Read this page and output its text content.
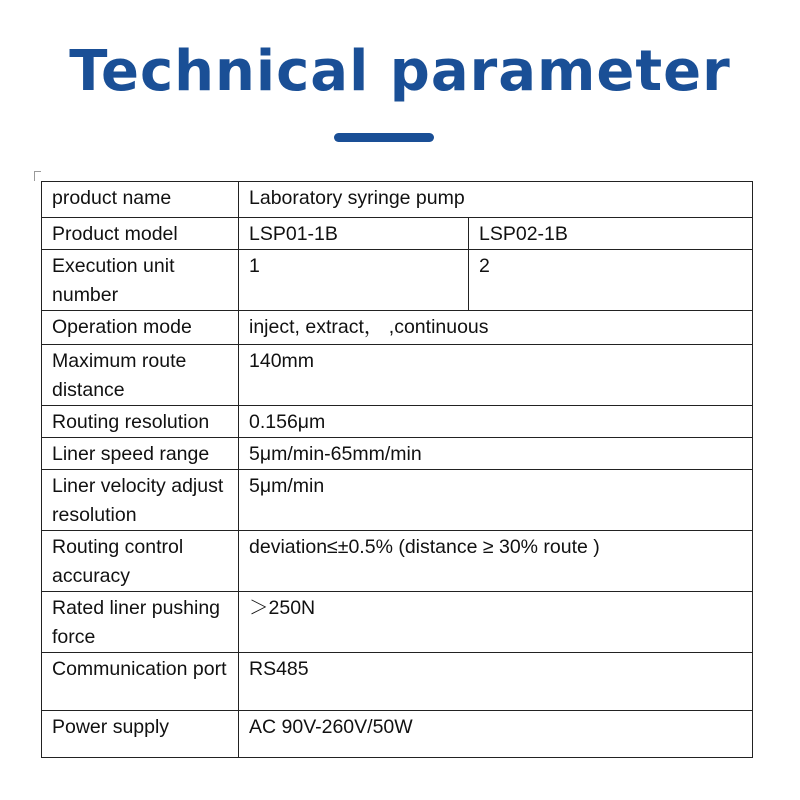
Technical parameter
product name	Laboratory syringe pump	
Product model	LSP01-1B	LSP02-1B
Execution unit number	1	2
Operation mode	inject, extract， ,continuous	
Maximum route distance	140mm	
Routing resolution	0.156μm	
Liner speed range	5μm/min-65mm/min	
Liner velocity adjust resolution	5μm/min	
Routing control accuracy	deviation≤±0.5% (distance ≥ 30% route )	
Rated liner pushing force	＞250N	
Communication port	RS485	
Power supply	AC 90V-260V/50W	
